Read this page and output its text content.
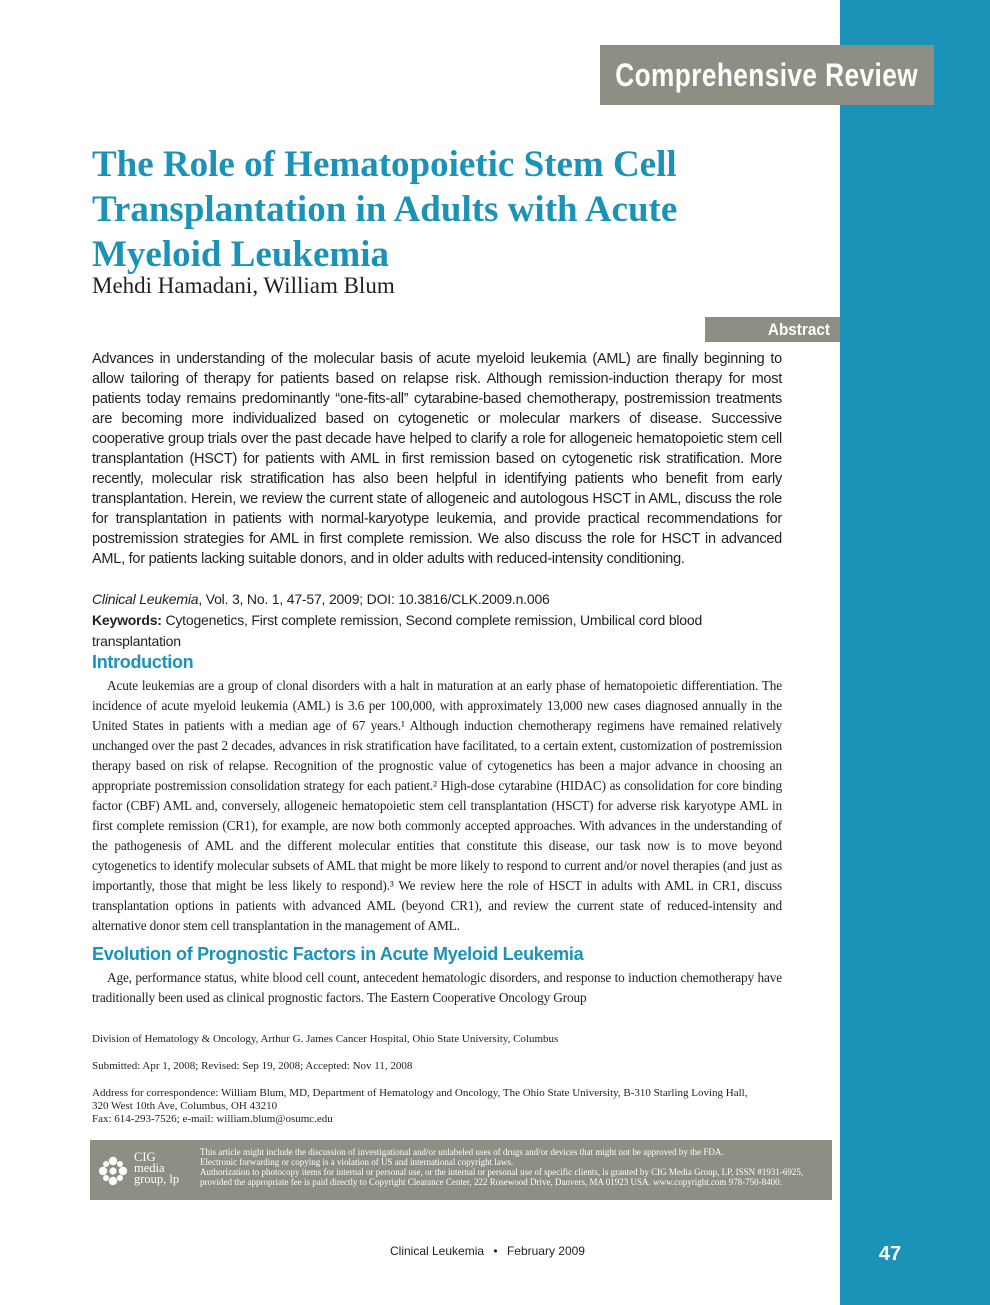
Comprehensive Review
The Role of Hematopoietic Stem Cell Transplantation in Adults with Acute Myeloid Leukemia
Mehdi Hamadani, William Blum
Abstract

Advances in understanding of the molecular basis of acute myeloid leukemia (AML) are finally beginning to allow tailoring of therapy for patients based on relapse risk. Although remission-induction therapy for most patients today remains predominantly “one-fits-all” cytarabine-based chemotherapy, postremission treatments are becoming more individualized based on cytogenetic or molecular markers of disease. Successive cooperative group trials over the past decade have helped to clarify a role for allogeneic hematopoietic stem cell transplantation (HSCT) for patients with AML in first remission based on cytogenetic risk stratification. More recently, molecular risk stratification has also been helpful in identifying patients who benefit from early transplantation. Herein, we review the current state of allogeneic and autologous HSCT in AML, discuss the role for transplantation in patients with normal-karyotype leukemia, and provide practical recommendations for postremission strategies for AML in first complete remission. We also discuss the role for HSCT in advanced AML, for patients lacking suitable donors, and in older adults with reduced-intensity conditioning.

Clinical Leukemia, Vol. 3, No. 1, 47-57, 2009; DOI: 10.3816/CLK.2009.n.006
Keywords: Cytogenetics, First complete remission, Second complete remission, Umbilical cord blood transplantation
Introduction

Acute leukemias are a group of clonal disorders with a halt in maturation at an early phase of hematopoietic differentiation. The incidence of acute myeloid leukemia (AML) is 3.6 per 100,000, with approximately 13,000 new cases diagnosed annually in the United States in patients with a median age of 67 years.¹ Although induction chemotherapy regimens have remained relatively unchanged over the past 2 decades, advances in risk stratification have facilitated, to a certain extent, customization of postremission therapy based on risk of relapse. Recognition of the prognostic value of cytogenetics has been a major advance in choosing an appropriate postremission consolidation strategy for each patient.² High-dose cytarabine (HIDAC) as consolidation for core binding factor (CBF) AML and, conversely, allogeneic hematopoietic stem cell transplantation (HSCT) for adverse risk karyotype AML in first complete remission (CR1), for example, are now both commonly accepted approaches. With advances in the understanding of the pathogenesis of AML and the different molecular entities that constitute this disease, our task now is to move beyond cytogenetics to identify molecular subsets of AML that might be more likely to respond to current and/or novel therapies (and just as importantly, those that might be less likely to respond).³ We review here the role of HSCT in adults with AML in CR1, discuss transplantation options in patients with advanced AML (beyond CR1), and review the current state of reduced-intensity and alternative donor stem cell transplantation in the management of AML.

Evolution of Prognostic Factors in Acute Myeloid Leukemia

Age, performance status, white blood cell count, antecedent hematologic disorders, and response to induction chemotherapy have traditionally been used as clinical prognostic factors. The Eastern Cooperative Oncology Group

Division of Hematology & Oncology, Arthur G. James Cancer Hospital, Ohio State University, Columbus
Submitted: Apr 1, 2008; Revised: Sep 19, 2008; Accepted: Nov 11, 2008
Address for correspondence: William Blum, MD, Department of Hematology and Oncology, The Ohio State University, B-310 Starling Loving Hall,
320 West 10th Ave, Columbus, OH 43210
Fax: 614-293-7526; e-mail: william.blum@osumc.edu
CIG
media
group, lp
This article might include the discussion of investigational and/or unlabeled uses of drugs and/or devices that might not be approved by the FDA.
Electronic forwarding or copying is a violation of US and international copyright laws.
Authorization to photocopy items for internal or personal use, or the internal or personal use of specific clients, is granted by CIG Media Group, LP, ISSN #1931-6925,
provided the appropriate fee is paid directly to Copyright Clearance Center, 222 Rosewood Drive, Danvers, MA 01923 USA. www.copyright.com 978-750-8400.
Clinical Leukemia • February 2009	47
